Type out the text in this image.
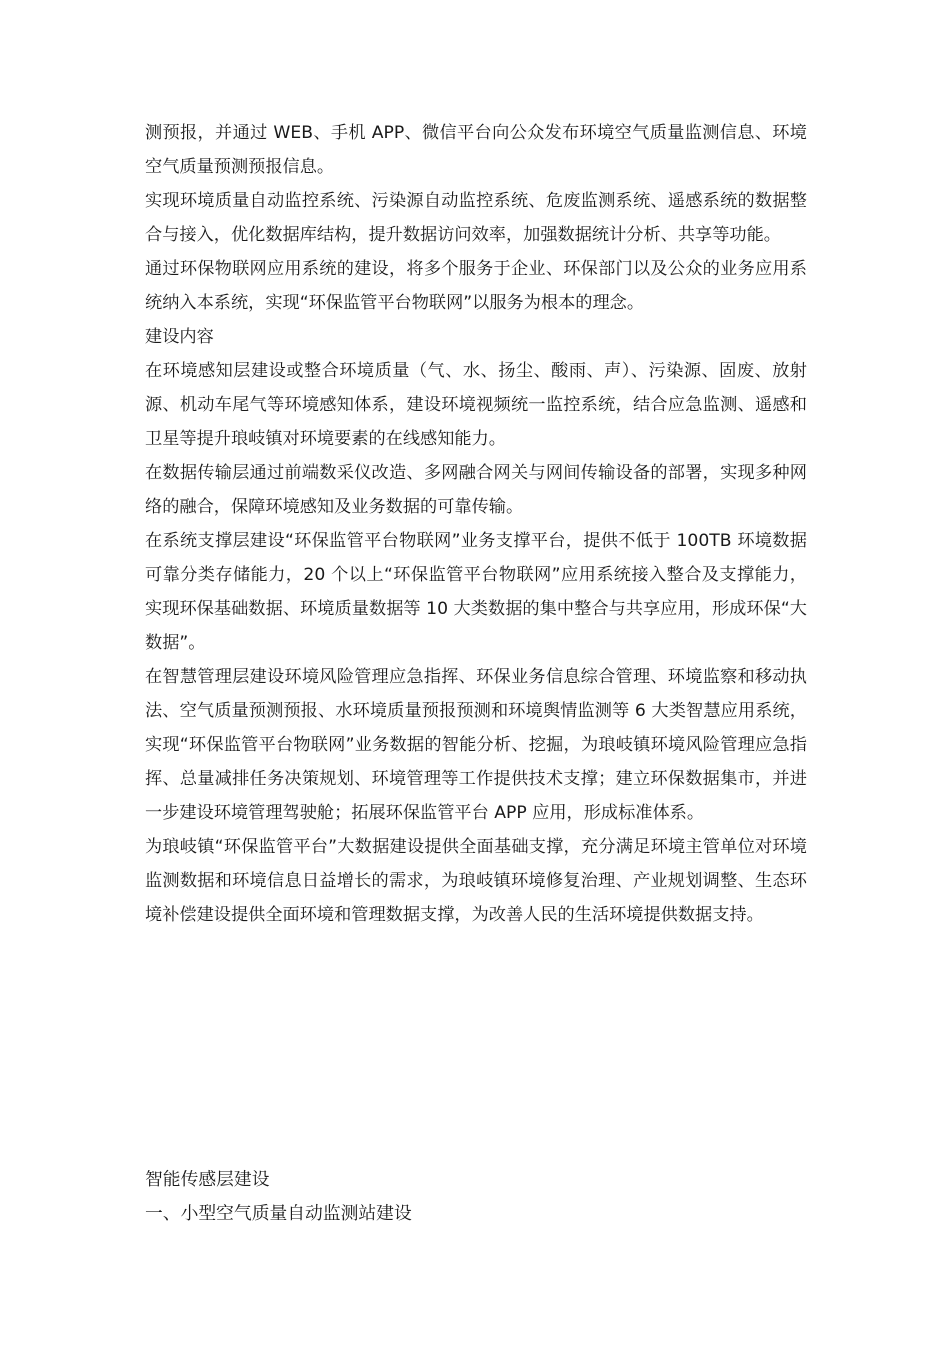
测预报，并通过 WEB、手机 APP、微信平台向公众发布环境空气质量监测信息、环境空气质量预测预报信息。

实现环境质量自动监控系统、污染源自动监控系统、危废监测系统、遥感系统的数据整合与接入，优化数据库结构，提升数据访问效率，加强数据统计分析、共享等功能。

通过环保物联网应用系统的建设，将多个服务于企业、环保部门以及公众的业务应用系统纳入本系统，实现“环保监管平台物联网”以服务为根本的理念。

建设内容

在环境感知层建设或整合环境质量（气、水、扬尘、酸雨、声）、污染源、固废、放射源、机动车尾气等环境感知体系，建设环境视频统一监控系统，结合应急监测、遥感和卫星等提升琅岐镇对环境要素的在线感知能力。

在数据传输层通过前端数采仪改造、多网融合网关与网间传输设备的部署，实现多种网络的融合，保障环境感知及业务数据的可靠传输。

在系统支撑层建设“环保监管平台物联网”业务支撑平台，提供不低于 100TB 环境数据可靠分类存储能力，20 个以上“环保监管平台物联网”应用系统接入整合及支撑能力，实现环保基础数据、环境质量数据等 10 大类数据的集中整合与共享应用，形成环保“大数据”。

在智慧管理层建设环境风险管理应急指挥、环保业务信息综合管理、环境监察和移动执法、空气质量预测预报、水环境质量预报预测和环境舆情监测等 6 大类智慧应用系统，实现“环保监管平台物联网”业务数据的智能分析、挖掘，为琅岐镇环境风险管理应急指挥、总量减排任务决策规划、环境管理等工作提供技术支撑；建立环保数据集市，并进一步建设环境管理驾驶舱；拓展环保监管平台 APP 应用，形成标准体系。

为琅岐镇“环保监管平台”大数据建设提供全面基础支撑，充分满足环境主管单位对环境监测数据和环境信息日益增长的需求，为琅岐镇环境修复治理、产业规划调整、生态环境补偿建设提供全面环境和管理数据支撑，为改善人民的生活环境提供数据支持。

智能传感层建设

一、小型空气质量自动监测站建设
